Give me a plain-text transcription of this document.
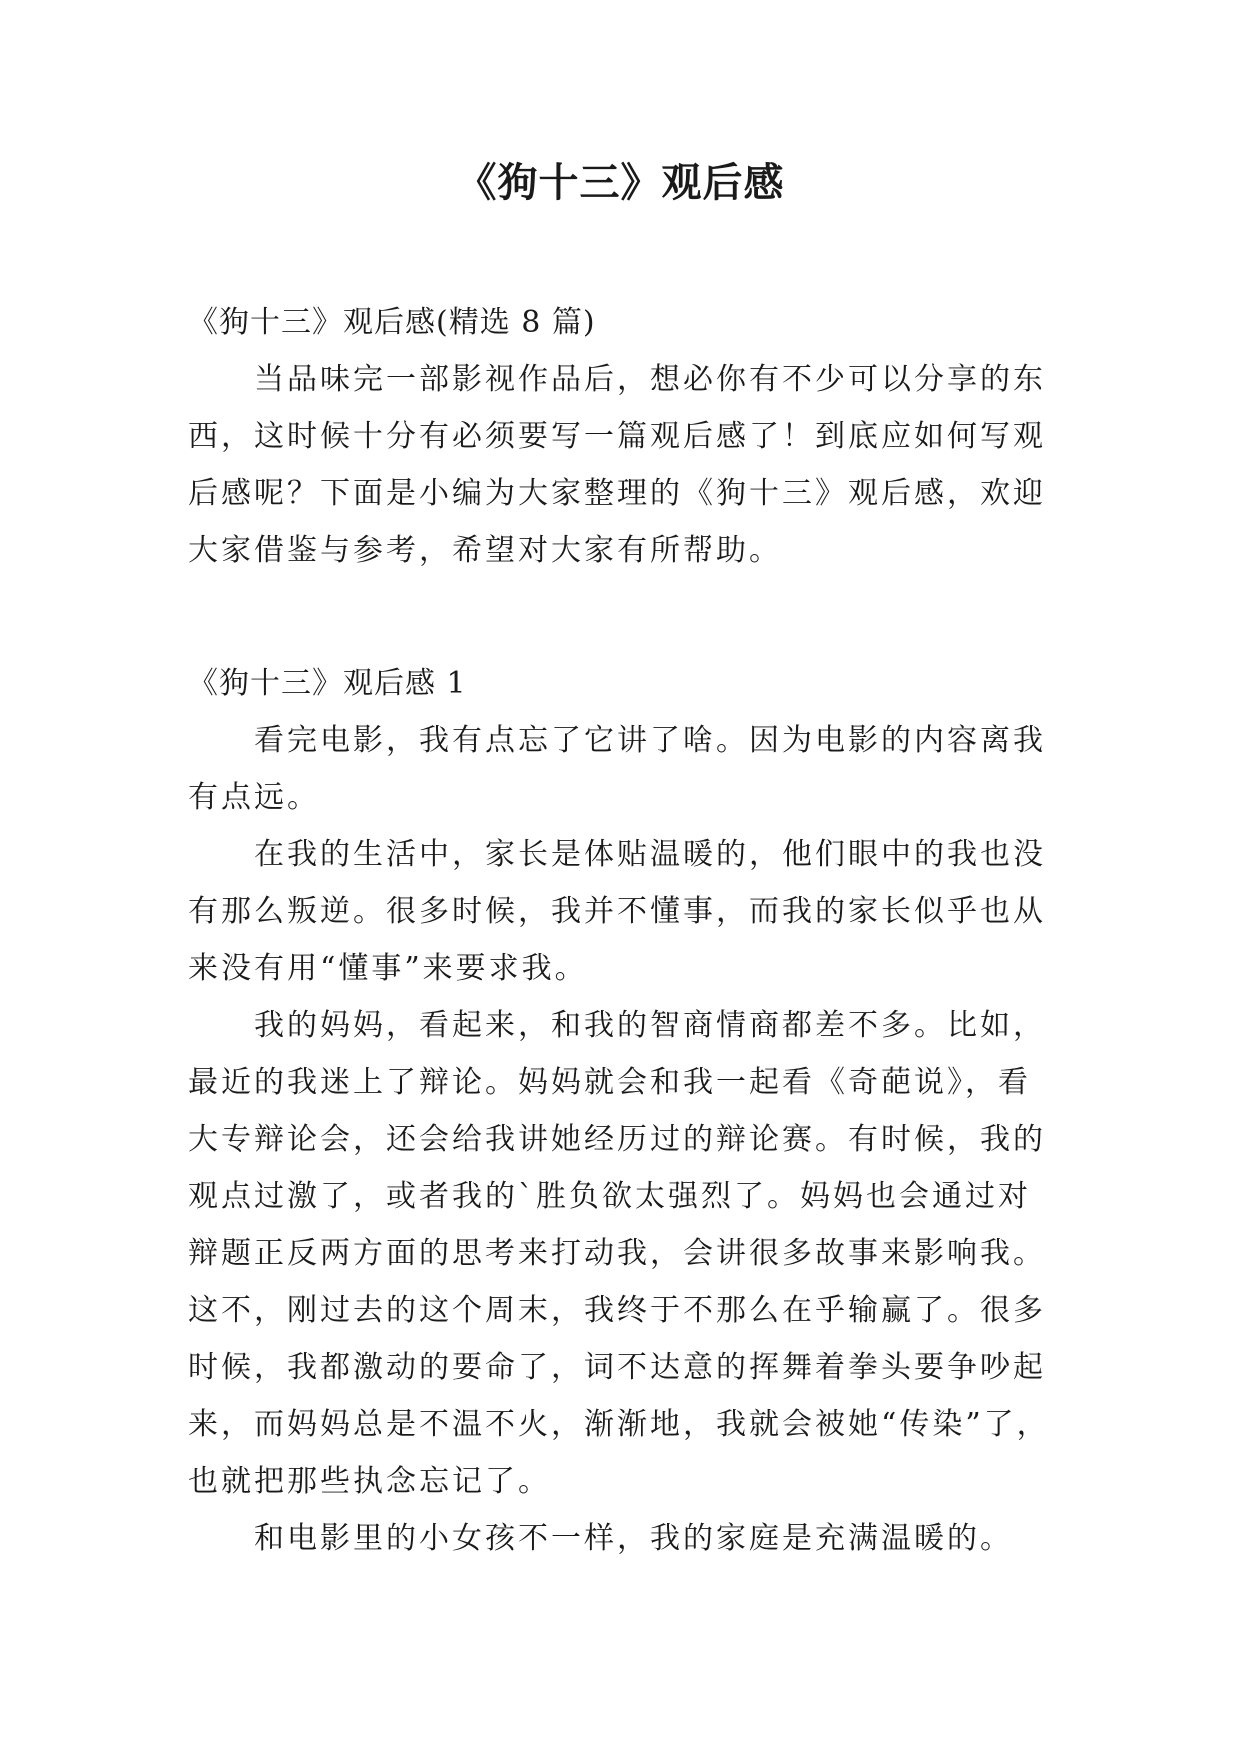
《狗十三》观后感
《狗十三》观后感(精选 8 篇)
当品味完一部影视作品后，想必你有不少可以分享的东
西，这时候十分有必须要写一篇观后感了！到底应如何写观
后感呢？下面是小编为大家整理的《狗十三》观后感，欢迎
大家借鉴与参考，希望对大家有所帮助。
《狗十三》观后感 1
看完电影，我有点忘了它讲了啥。因为电影的内容离我
有点远。
在我的生活中，家长是体贴温暖的，他们眼中的我也没
有那么叛逆。很多时候，我并不懂事，而我的家长似乎也从
来没有用“懂事”来要求我。
我的妈妈，看起来，和我的智商情商都差不多。比如，
最近的我迷上了辩论。妈妈就会和我一起看《奇葩说》，看
大专辩论会，还会给我讲她经历过的辩论赛。有时候，我的
观点过激了，或者我的`胜负欲太强烈了。妈妈也会通过对
辩题正反两方面的思考来打动我，会讲很多故事来影响我。
这不，刚过去的这个周末，我终于不那么在乎输赢了。很多
时候，我都激动的要命了，词不达意的挥舞着拳头要争吵起
来，而妈妈总是不温不火，渐渐地，我就会被她“传染”了，
也就把那些执念忘记了。
和电影里的小女孩不一样，我的家庭是充满温暖的。
